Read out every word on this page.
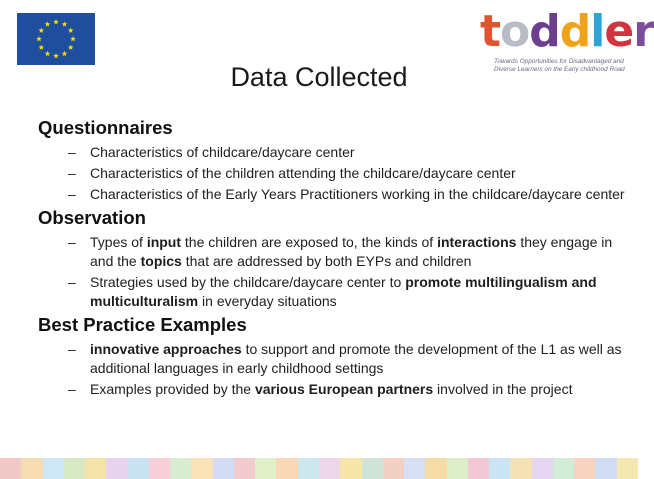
toddler
Towards Opportunities for Disadvantaged and
Diverse Learners on the Early childhood Road
Data Collected
Questionnaires
– Characteristics of childcare/daycare center
– Characteristics of the children attending the childcare/daycare center
– Characteristics of the Early Years Practitioners working in the childcare/daycare center
Observation
– Types of input the children are exposed to, the kinds of interactions they engage in and the topics that are addressed by both EYPs and children
– Strategies used by the childcare/daycare center to promote multilingualism and multiculturalism in everyday situations
Best Practice Examples
– innovative approaches to support and promote the development of the L1 as well as additional languages in early childhood settings
– Examples provided by the various European partners involved in the project
